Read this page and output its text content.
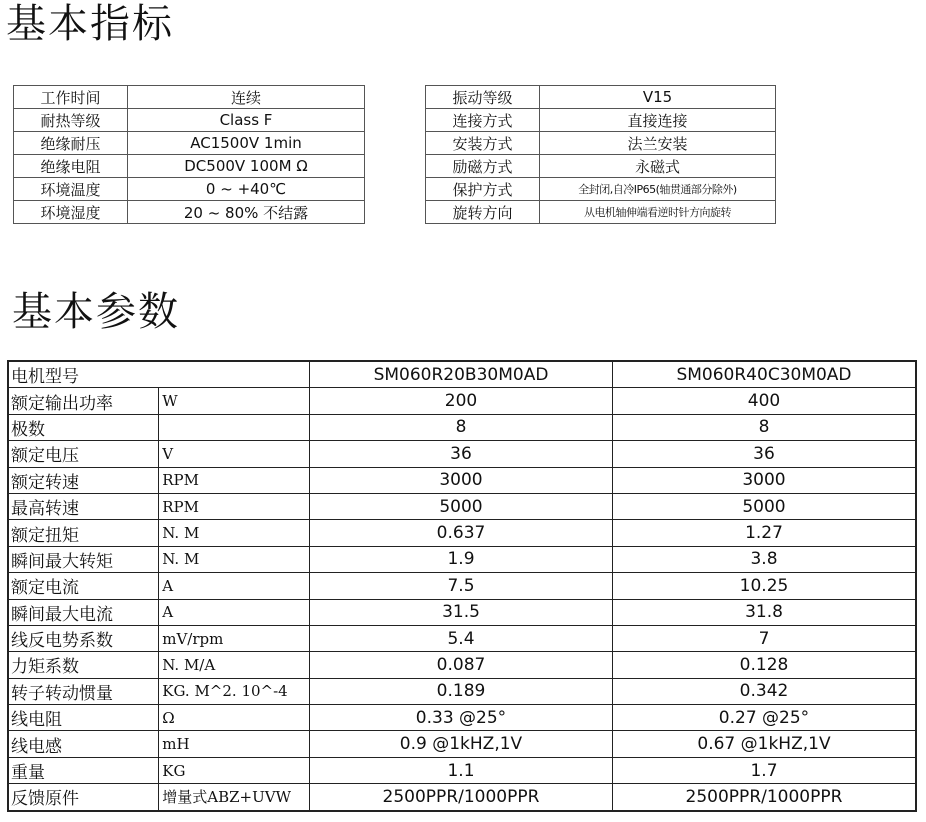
基本指标
工作时间	连续
耐热等级	Class F
绝缘耐压	AC1500V 1min
绝缘电阻	DC500V 100M Ω
环境温度	0 ~ +40℃
环境湿度	20 ~ 80% 不结露
振动等级	V15
连接方式	直接连接
安装方式	法兰安装
励磁方式	永磁式
保护方式	全封闭,自冷IP65(轴贯通部分除外)
旋转方向	从电机轴伸端看逆时针方向旋转
基本参数
电机型号		SM060R20B30M0AD	SM060R40C30M0AD
额定输出功率	W	200	400
极数		8	8
额定电压	V	36	36
额定转速	RPM	3000	3000
最高转速	RPM	5000	5000
额定扭矩	N. M	0.637	1.27
瞬间最大转矩	N. M	1.9	3.8
额定电流	A	7.5	10.25
瞬间最大电流	A	31.5	31.8
线反电势系数	mV/rpm	5.4	7
力矩系数	N. M/A	0.087	0.128
转子转动惯量	KG. M^2. 10^-4	0.189	0.342
线电阻	Ω	0.33 @25°	0.27 @25°
线电感	mH	0.9 @1kHZ,1V	0.67 @1kHZ,1V
重量	KG	1.1	1.7
反馈原件	增量式ABZ+UVW	2500PPR/1000PPR	2500PPR/1000PPR
